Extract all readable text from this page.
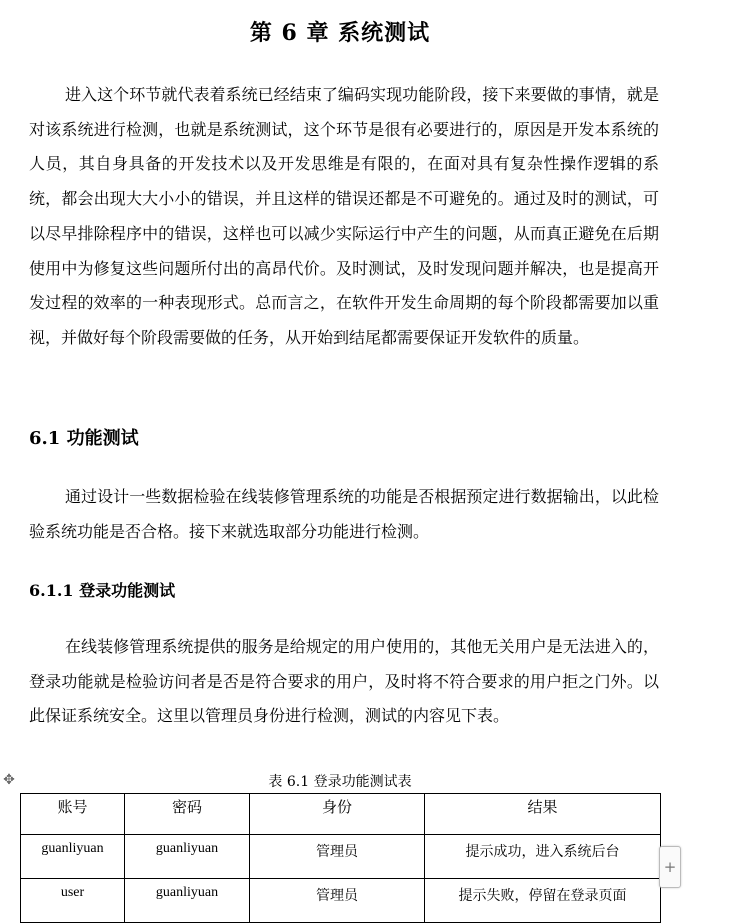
第 6 章 系统测试

进入这个环节就代表着系统已经结束了编码实现功能阶段，接下来要做的事情，就是对该系统进行检测，也就是系统测试，这个环节是很有必要进行的，原因是开发本系统的人员，其自身具备的开发技术以及开发思维是有限的，在面对具有复杂性操作逻辑的系统，都会出现大大小小的错误，并且这样的错误还都是不可避免的。通过及时的测试，可以尽早排除程序中的错误，这样也可以减少实际运行中产生的问题，从而真正避免在后期使用中为修复这些问题所付出的高昂代价。及时测试，及时发现问题并解决，也是提高开发过程的效率的一种表现形式。总而言之，在软件开发生命周期的每个阶段都需要加以重视，并做好每个阶段需要做的任务，从开始到结尾都需要保证开发软件的质量。

6.1 功能测试

通过设计一些数据检验在线装修管理系统的功能是否根据预定进行数据输出，以此检验系统功能是否合格。接下来就选取部分功能进行检测。

6.1.1 登录功能测试

在线装修管理系统提供的服务是给规定的用户使用的，其他无关用户是无法进入的，登录功能就是检验访问者是否是符合要求的用户，及时将不符合要求的用户拒之门外。以此保证系统安全。这里以管理员身份进行检测，测试的内容见下表。

✥	表 6.1 登录功能测试表

账号	密码	身份	结果
guanliyuan	guanliyuan	管理员	提示成功，进入系统后台
user	guanliyuan	管理员	提示失败，停留在登录页面
+
